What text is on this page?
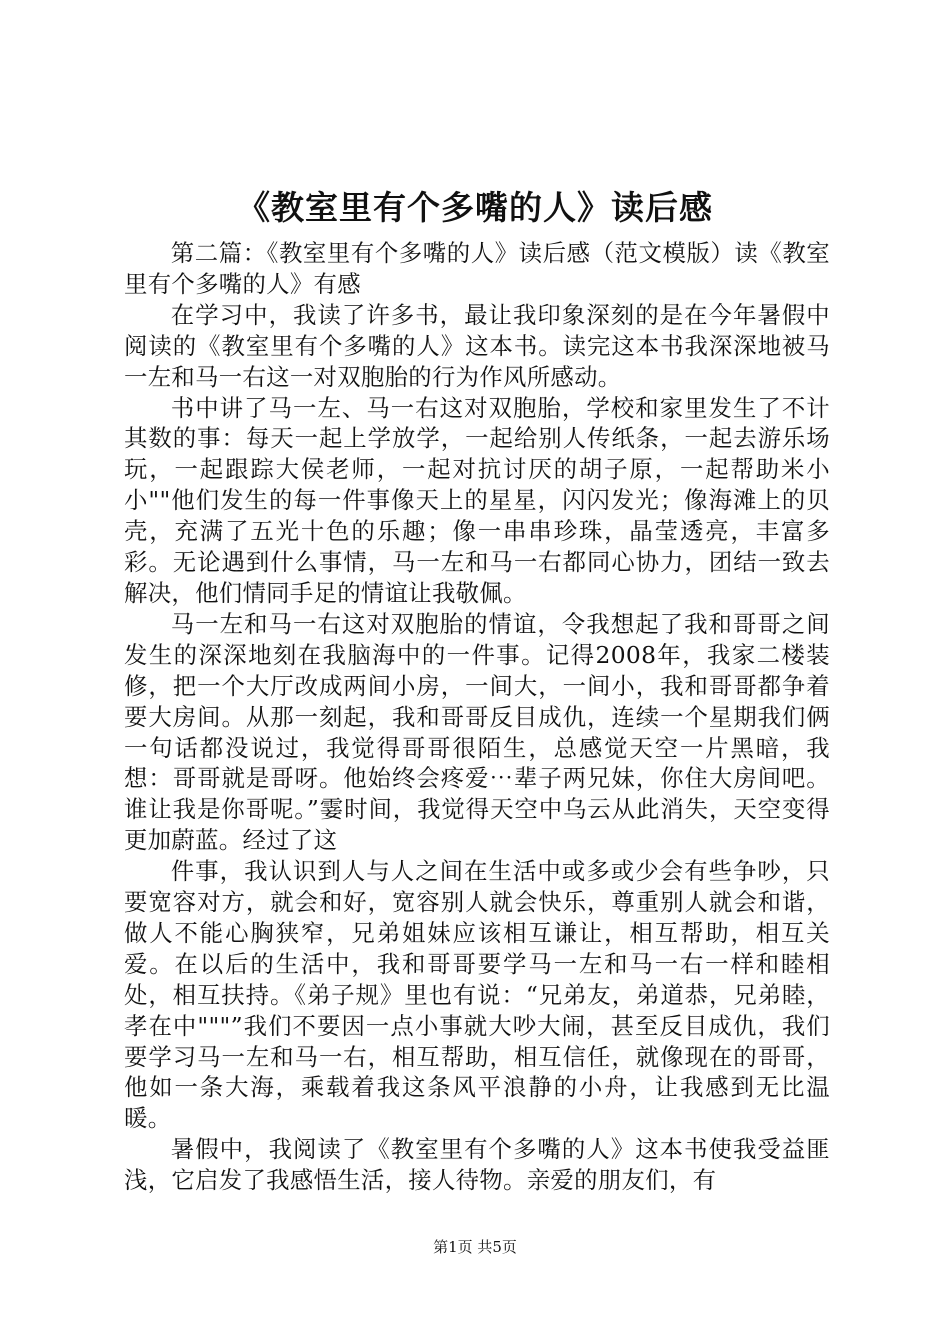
《教室里有个多嘴的人》读后感

第二篇：《教室里有个多嘴的人》读后感（范文模版）读《教室里有个多嘴的人》有感

在学习中，我读了许多书，最让我印象深刻的是在今年暑假中阅读的《教室里有个多嘴的人》这本书。读完这本书我深深地被马一左和马一右这一对双胞胎的行为作风所感动。

书中讲了马一左、马一右这对双胞胎，学校和家里发生了不计其数的事：每天一起上学放学，一起给别人传纸条，一起去游乐场玩，一起跟踪大侯老师，一起对抗讨厌的胡子原，一起帮助米小小""他们发生的每一件事像天上的星星，闪闪发光；像海滩上的贝壳，充满了五光十色的乐趣；像一串串珍珠，晶莹透亮，丰富多彩。无论遇到什么事情，马一左和马一右都同心协力，团结一致去解决，他们情同手足的情谊让我敬佩。

马一左和马一右这对双胞胎的情谊，令我想起了我和哥哥之间发生的深深地刻在我脑海中的一件事。记得2008年，我家二楼装修，把一个大厅改成两间小房，一间大，一间小，我和哥哥都争着要大房间。从那一刻起，我和哥哥反目成仇，连续一个星期我们俩一句话都没说过，我觉得哥哥很陌生，总感觉天空一片黑暗，我想：哥哥就是哥呀。他始终会疼爱⋯辈子两兄妹，你住大房间吧。谁让我是你哥呢。”霎时间，我觉得天空中乌云从此消失，天空变得更加蔚蓝。经过了这

件事，我认识到人与人之间在生活中或多或少会有些争吵，只要宽容对方，就会和好，宽容别人就会快乐，尊重别人就会和谐，做人不能心胸狭窄，兄弟姐妹应该相互谦让，相互帮助，相互关爱。在以后的生活中，我和哥哥要学马一左和马一右一样和睦相处，相互扶持。《弟子规》里也有说：“兄弟友，弟道恭，兄弟睦，孝在中"""”我们不要因一点小事就大吵大闹，甚至反目成仇，我们要学习马一左和马一右，相互帮助，相互信任，就像现在的哥哥，他如一条大海，乘载着我这条风平浪静的小舟，让我感到无比温暖。

暑假中，我阅读了《教室里有个多嘴的人》这本书使我受益匪浅，它启发了我感悟生活，接人待物。亲爱的朋友们，有

第1页 共5页
